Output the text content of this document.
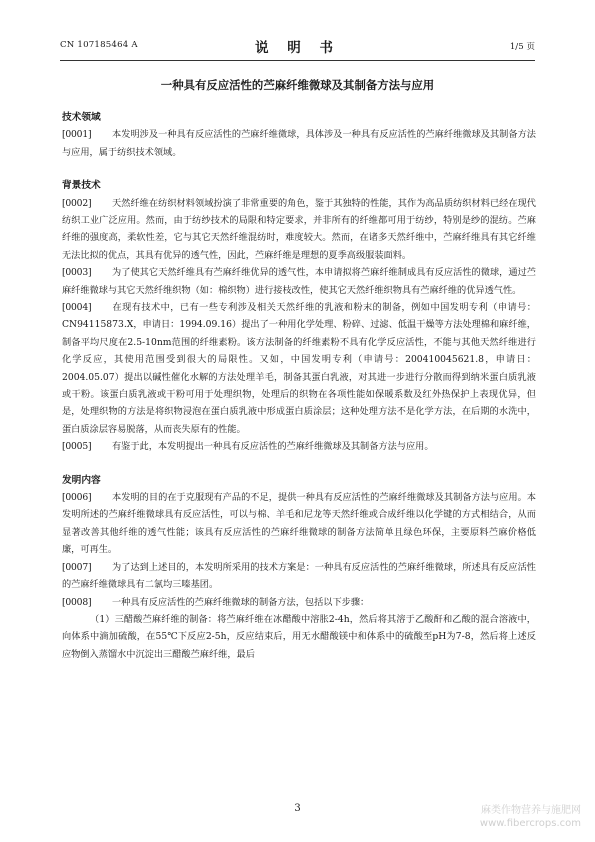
CN 107185464 A	说 明 书	1/5 页
一种具有反应活性的苎麻纤维微球及其制备方法与应用
技术领域

[0001] 本发明涉及一种具有反应活性的苎麻纤维微球，具体涉及一种具有反应活性的苎麻纤维微球及其制备方法与应用，属于纺织技术领域。

背景技术

[0002] 天然纤维在纺织材料领域扮演了非常重要的角色，鉴于其独特的性能，其作为高品质纺织材料已经在现代纺织工业广泛应用。然而，由于纺纱技术的局限和特定要求，并非所有的纤维都可用于纺纱，特别是纱的混纺。苎麻纤维的强度高，柔软性差，它与其它天然纤维混纺时，难度较大。然而，在诸多天然纤维中，苎麻纤维具有其它纤维无法比拟的优点，其具有优异的透气性，因此，苎麻纤维是理想的夏季高级服装面料。

[0003] 为了使其它天然纤维具有苎麻纤维优异的透气性，本申请拟将苎麻纤维制成具有反应活性的微球，通过苎麻纤维微球与其它天然纤维织物（如：棉织物）进行接枝改性，使其它天然纤维织物具有苎麻纤维的优异透气性。

[0004] 在现有技术中，已有一些专利涉及相关天然纤维的乳液和粉末的制备，例如中国发明专利（申请号：CN94115873.X，申请日：1994.09.16）提出了一种用化学处理、粉碎、过滤、低温干燥等方法处理棉和麻纤维，制备平均尺度在2.5-10nm范围的纤维素粉。该方法制备的纤维素粉不具有化学反应活性，不能与其他天然纤维进行化学反应，其使用范围受到很大的局限性。又如，中国发明专利（申请号：200410045621.8，申请日：2004.05.07）提出以碱性催化水解的方法处理羊毛，制备其蛋白乳液，对其进一步进行分散而得到纳米蛋白质乳液或干粉。该蛋白质乳液或干粉可用于处理织物，处理后的织物在各项性能如保暖系数及红外热保护上表现优异，但是，处理织物的方法是将织物浸泡在蛋白质乳液中形成蛋白质涂层；这种处理方法不是化学方法，在后期的水洗中，蛋白质涂层容易脱落，从而丧失原有的性能。

[0005] 有鉴于此，本发明提出一种具有反应活性的苎麻纤维微球及其制备方法与应用。

发明内容

[0006] 本发明的目的在于克服现有产品的不足，提供一种具有反应活性的苎麻纤维微球及其制备方法与应用。本发明所述的苎麻纤维微球具有反应活性，可以与棉、羊毛和尼龙等天然纤维或合成纤维以化学键的方式相结合，从而显著改善其他纤维的透气性能；该具有反应活性的苎麻纤维微球的制备方法简单且绿色环保，主要原料苎麻价格低廉，可再生。

[0007] 为了达到上述目的，本发明所采用的技术方案是：一种具有反应活性的苎麻纤维微球，所述具有反应活性的苎麻纤维微球具有二氯均三嗪基团。

[0008] 一种具有反应活性的苎麻纤维微球的制备方法，包括以下步骤：

（1）三醋酸苎麻纤维的制备：将苎麻纤维在冰醋酸中溶胀2-4h，然后将其溶于乙酸酐和乙酸的混合溶液中，向体系中滴加硫酸，在55℃下反应2-5h，反应结束后，用无水醋酸镁中和体系中的硫酸至pH为7-8，然后将上述反应物倒入蒸馏水中沉淀出三醋酸苎麻纤维，最后

3	麻类作物营养与施肥网
www.fibercrops.com
